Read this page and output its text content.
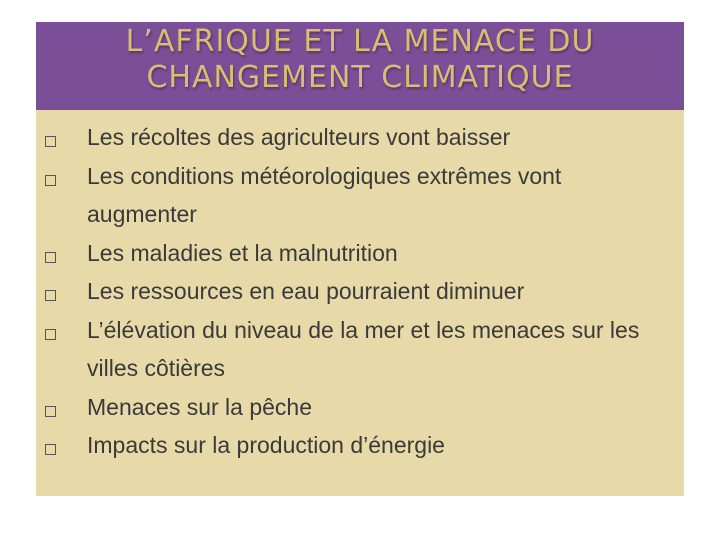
L’AFRIQUE ET LA MENACE DU
CHANGEMENT CLIMATIQUE
Les récoltes des agriculteurs vont baisser
Les conditions météorologiques extrêmes vont augmenter
Les maladies et la malnutrition
Les ressources en eau pourraient diminuer
L’élévation du niveau de la mer et les menaces sur les villes côtières
Menaces sur la pêche
Impacts sur la production d’énergie
